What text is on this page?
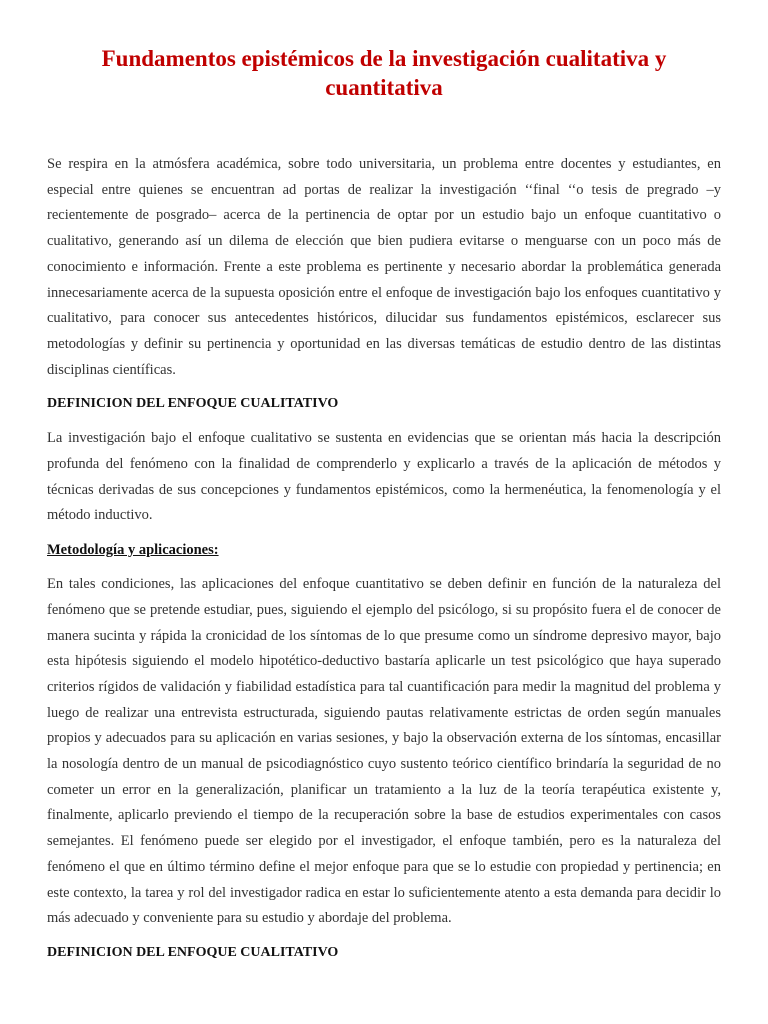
Fundamentos epistémicos de la investigación cualitativa y cuantitativa

Se respira en la atmósfera académica, sobre todo universitaria, un problema entre docentes y estudiantes, en especial entre quienes se encuentran ad portas de realizar la investigación ‘‘final ‘‘o tesis de pregrado –y recientemente de posgrado– acerca de la pertinencia de optar por un estudio bajo un enfoque cuantitativo o cualitativo, generando así un dilema de elección que bien pudiera evitarse o menguarse con un poco más de conocimiento e información. Frente a este problema es pertinente y necesario abordar la problemática generada innecesariamente acerca de la supuesta oposición entre el enfoque de investigación bajo los enfoques cuantitativo y cualitativo, para conocer sus antecedentes históricos, dilucidar sus fundamentos epistémicos, esclarecer sus metodologías y definir su pertinencia y oportunidad en las diversas temáticas de estudio dentro de las distintas disciplinas científicas.

DEFINICION DEL ENFOQUE CUALITATIVO

La investigación bajo el enfoque cualitativo se sustenta en evidencias que se orientan más hacia la descripción profunda del fenómeno con la finalidad de comprenderlo y explicarlo a través de la aplicación de métodos y técnicas derivadas de sus concepciones y fundamentos epistémicos, como la hermenéutica, la fenomenología y el método inductivo.

Metodología y aplicaciones:

En tales condiciones, las aplicaciones del enfoque cuantitativo se deben definir en función de la naturaleza del fenómeno que se pretende estudiar, pues, siguiendo el ejemplo del psicólogo, si su propósito fuera el de conocer de manera sucinta y rápida la cronicidad de los síntomas de lo que presume como un síndrome depresivo mayor, bajo esta hipótesis siguiendo el modelo hipotético-deductivo bastaría aplicarle un test psicológico que haya superado criterios rígidos de validación y fiabilidad estadística para tal cuantificación para medir la magnitud del problema y luego de realizar una entrevista estructurada, siguiendo pautas relativamente estrictas de orden según manuales propios y adecuados para su aplicación en varias sesiones, y bajo la observación externa de los síntomas, encasillar la nosología dentro de un manual de psicodiagnóstico cuyo sustento teórico científico brindaría la seguridad de no cometer un error en la generalización, planificar un tratamiento a la luz de la teoría terapéutica existente y, finalmente, aplicarlo previendo el tiempo de la recuperación sobre la base de estudios experimentales con casos semejantes. El fenómeno puede ser elegido por el investigador, el enfoque también, pero es la naturaleza del fenómeno el que en último término define el mejor enfoque para que se lo estudie con propiedad y pertinencia; en este contexto, la tarea y rol del investigador radica en estar lo suficientemente atento a esta demanda para decidir lo más adecuado y conveniente para su estudio y abordaje del problema.

DEFINICION DEL ENFOQUE CUALITATIVO
